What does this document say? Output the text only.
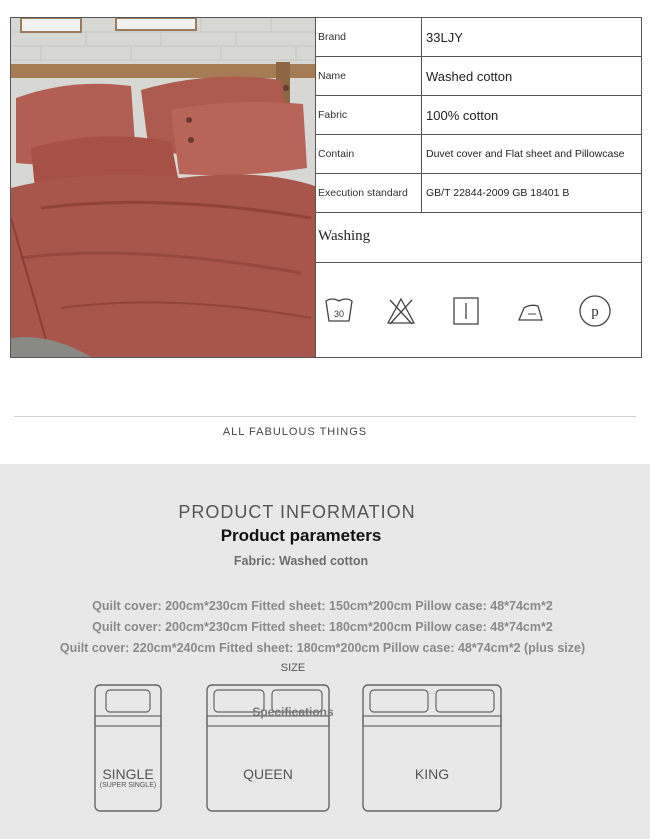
Brand	33LJY
Name	Washed cotton
Fabric	100% cotton
Contain	Duvet cover and Flat sheet and Pillowcase
Execution standard	GB/T 22844-2009 GB 18401 B
Washing
30	p
ALL FABULOUS THINGS
PRODUCT INFORMATION
Product parameters
Fabric: Washed cotton
Quilt cover: 200cm*230cm Fitted sheet: 150cm*200cm Pillow case: 48*74cm*2
Quilt cover: 200cm*230cm Fitted sheet: 180cm*200cm Pillow case: 48*74cm*2
Quilt cover: 220cm*240cm Fitted sheet: 180cm*200cm Pillow case: 48*74cm*2 (plus size)
SIZE
Specifications
SINGLE
(SUPER SINGLE)
QUEEN	KING
